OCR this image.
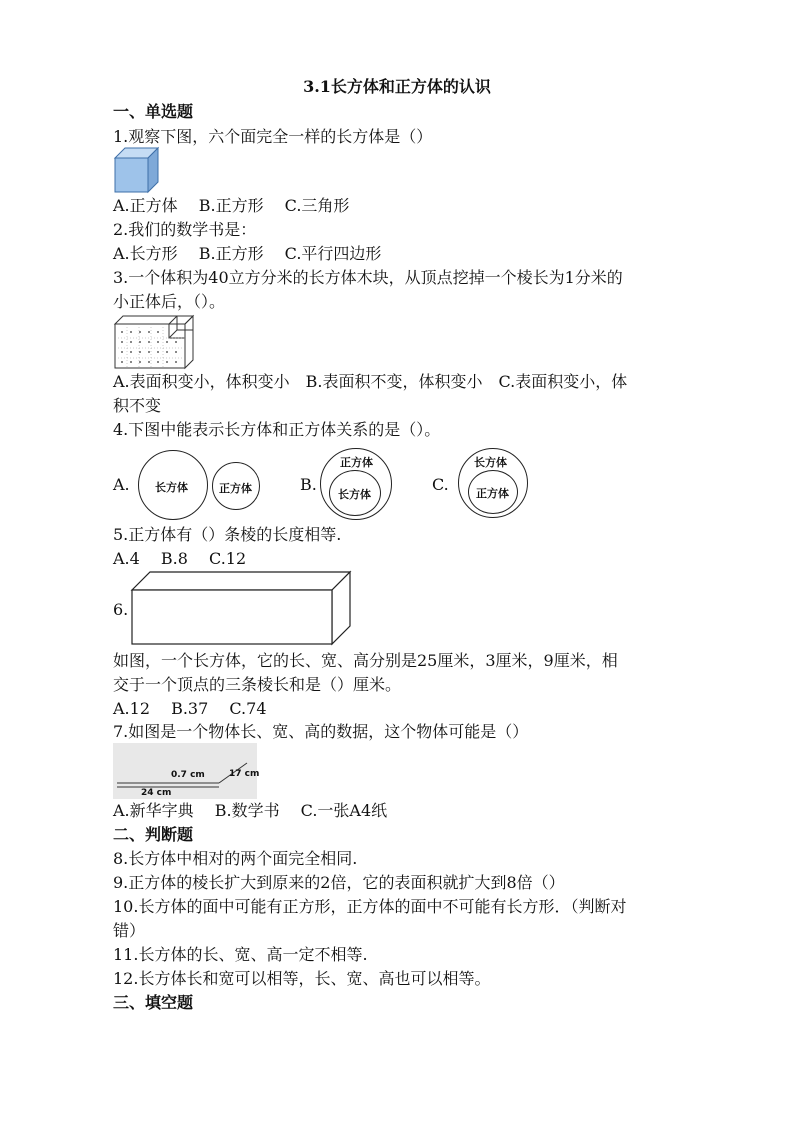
3.1长方体和正方体的认识
一、单选题
1.观察下图，六个面完全一样的长方体是（）
A.正方体　 B.正方形　 C.三角形
2.我们的数学书是：
A.长方形　 B.正方形　 C.平行四边形
3.一个体积为40立方分米的长方体木块，从顶点挖掉一个棱长为1分米的
小正体后，（）。
A.表面积变小，体积变小　B.表面积不变，体积变小　C.表面积变小，体
积不变
4.下图中能表示长方体和正方体关系的是（）。
A. 长方体	正方体	B.
正方体
长方体
C.
长方体
正方体
5.正方体有（）条棱的长度相等.
A.4　 B.8　 C.12
6.
如图，一个长方体，它的长、宽、高分别是25厘米，3厘米，9厘米，相
交于一个顶点的三条棱长和是（）厘米。
A.12　 B.37　 C.74
7.如图是一个物体长、宽、高的数据，这个物体可能是（）
0.7 cm	17 cm
24 cm
A.新华字典　 B.数学书　 C.一张A4纸
二、判断题
8.长方体中相对的两个面完全相同.
9.正方体的棱长扩大到原来的2倍，它的表面积就扩大到8倍（）
10.长方体的面中可能有正方形，正方体的面中不可能有长方形．（判断对
错）
11.长方体的长、宽、高一定不相等.
12.长方体长和宽可以相等，长、宽、高也可以相等。
三、填空题
